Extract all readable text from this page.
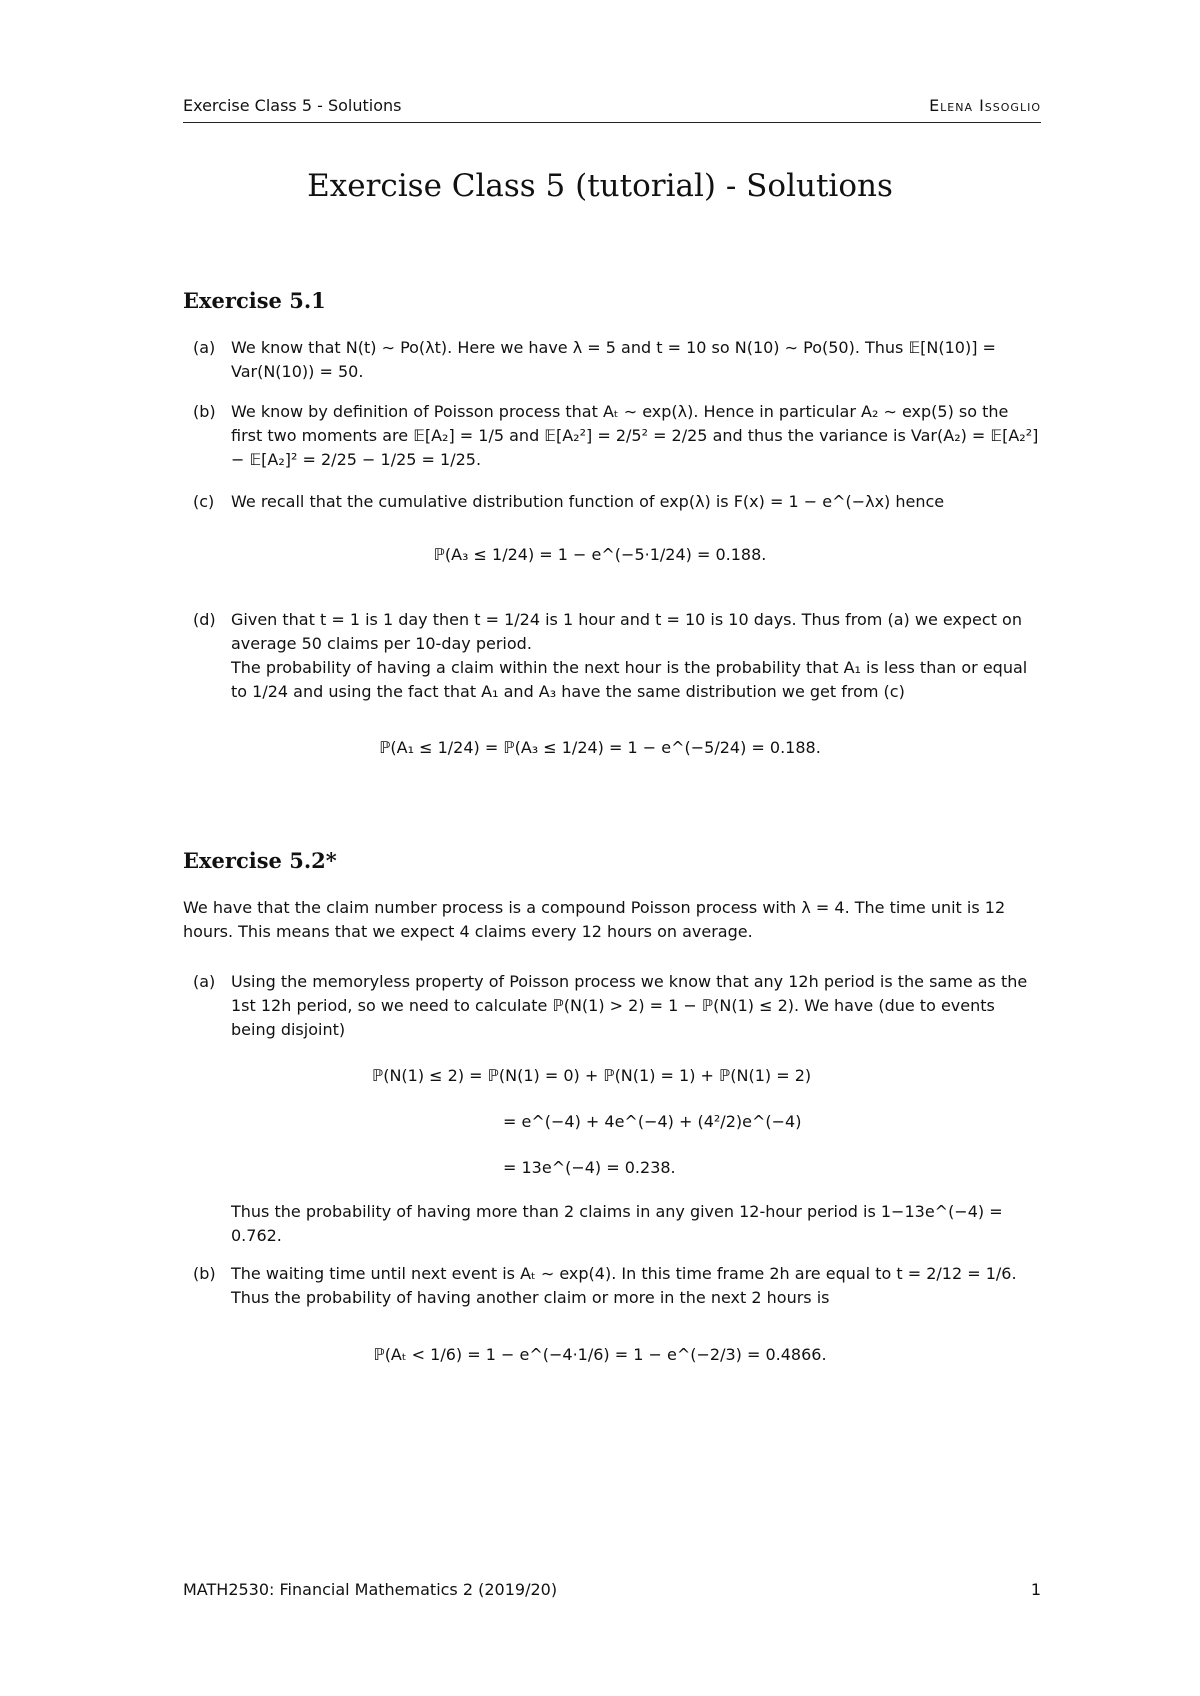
Exercise Class 5 - Solutions	Elena Issoglio
Exercise Class 5 (tutorial) - Solutions
Exercise 5.1
(a) We know that N(t) ∼ Po(λt). Here we have λ = 5 and t = 10 so N(10) ∼ Po(50). Thus 𝔼[N(10)] = Var(N(10)) = 50.
(b) We know by definition of Poisson process that Aₜ ∼ exp(λ). Hence in particular A₂ ∼ exp(5) so the first two moments are 𝔼[A₂] = 1/5 and 𝔼[A₂²] = 2/5² = 2/25 and thus the variance is Var(A₂) = 𝔼[A₂²] − 𝔼[A₂]² = 2/25 − 1/25 = 1/25.
(c) We recall that the cumulative distribution function of exp(λ) is F(x) = 1 − e^(−λx) hence
ℙ(A₃ ≤ 1/24) = 1 − e^(−5·1/24) = 0.188.
(d) Given that t = 1 is 1 day then t = 1/24 is 1 hour and t = 10 is 10 days. Thus from (a) we expect on average 50 claims per 10-day period.
The probability of having a claim within the next hour is the probability that A₁ is less than or equal to 1/24 and using the fact that A₁ and A₃ have the same distribution we get from (c)
ℙ(A₁ ≤ 1/24) = ℙ(A₃ ≤ 1/24) = 1 − e^(−5/24) = 0.188.
Exercise 5.2*
We have that the claim number process is a compound Poisson process with λ = 4. The time unit is 12 hours. This means that we expect 4 claims every 12 hours on average.
(a) Using the memoryless property of Poisson process we know that any 12h period is the same as the 1st 12h period, so we need to calculate ℙ(N(1) > 2) = 1 − ℙ(N(1) ≤ 2). We have (due to events being disjoint)
ℙ(N(1) ≤ 2) = ℙ(N(1) = 0) + ℙ(N(1) = 1) + ℙ(N(1) = 2)
= e^(−4) + 4e^(−4) + (4²/2)e^(−4)
= 13e^(−4) = 0.238.
Thus the probability of having more than 2 claims in any given 12-hour period is 1−13e^(−4) = 0.762.
(b) The waiting time until next event is Aₜ ∼ exp(4). In this time frame 2h are equal to t = 2/12 = 1/6. Thus the probability of having another claim or more in the next 2 hours is
ℙ(Aₜ < 1/6) = 1 − e^(−4·1/6) = 1 − e^(−2/3) = 0.4866.
MATH2530: Financial Mathematics 2 (2019/20)	1
